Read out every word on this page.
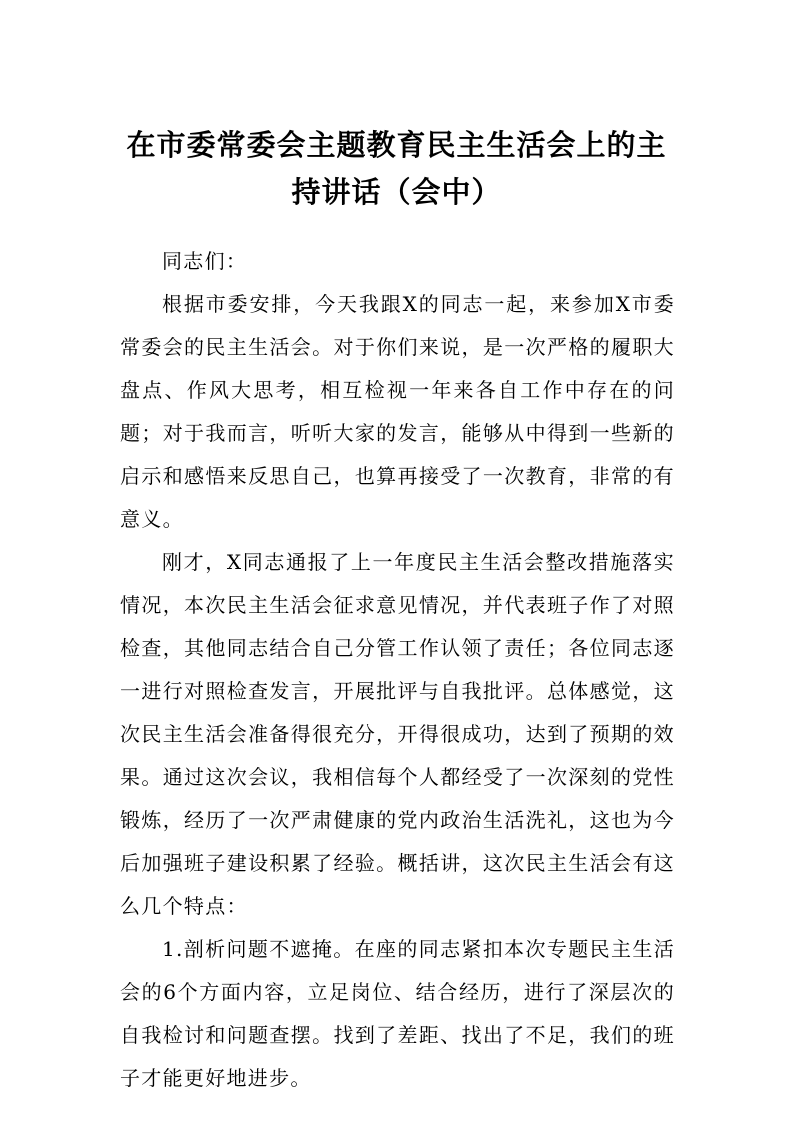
在市委常委会主题教育民主生活会上的主
持讲话（会中）

同志们：

根据市委安排，今天我跟X的同志一起，来参加X市委常委会的民主生活会。对于你们来说，是一次严格的履职大盘点、作风大思考，相互检视一年来各自工作中存在的问题；对于我而言，听听大家的发言，能够从中得到一些新的启示和感悟来反思自己，也算再接受了一次教育，非常的有意义。

刚才，X同志通报了上一年度民主生活会整改措施落实情况，本次民主生活会征求意见情况，并代表班子作了对照检查，其他同志结合自己分管工作认领了责任；各位同志逐一进行对照检查发言，开展批评与自我批评。总体感觉，这次民主生活会准备得很充分，开得很成功，达到了预期的效果。通过这次会议，我相信每个人都经受了一次深刻的党性锻炼，经历了一次严肃健康的党内政治生活洗礼，这也为今后加强班子建设积累了经验。概括讲，这次民主生活会有这么几个特点：

1.剖析问题不遮掩。在座的同志紧扣本次专题民主生活会的6个方面内容，立足岗位、结合经历，进行了深层次的自我检讨和问题查摆。找到了差距、找出了不足，我们的班子才能更好地进步。
